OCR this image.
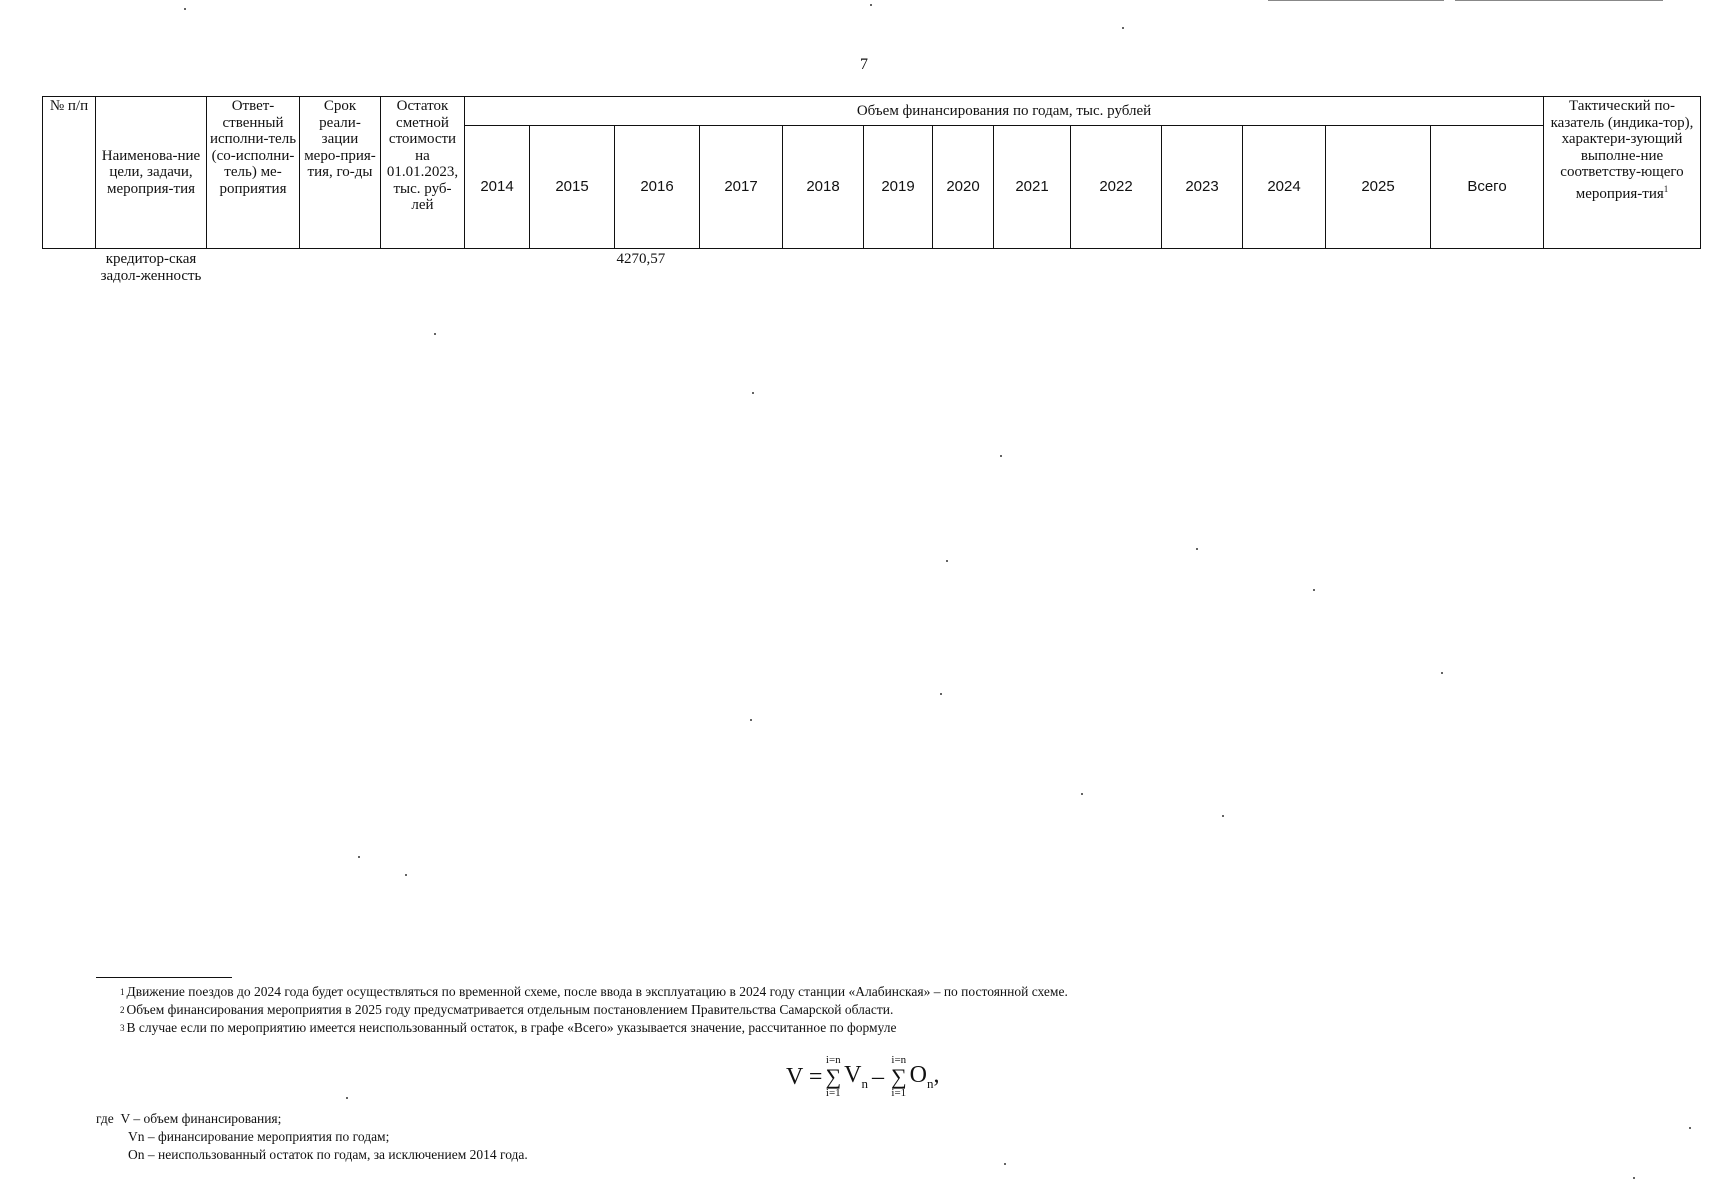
7
№ п/п	Наименова-ние цели, задачи, мероприя-тия	Ответ-ственный исполни-тель (со-исполни-тель) ме-роприятия	Срок реали-зации меро-прия-тия, го-ды	Остаток сметной стоимости на 01.01.2023, тыс. руб-лей	Объем финансирования по годам, тыс. рублей													Тактический по-казатель (индика-тор), характери-зующий выполне-ние соответству-ющего мероприя-тия$^1$
					2014	2015	2016	2017	2018	2019	2020	2021	2022	2023	2024	2025	Всего	
	кредитор-ская задол-женность						4270,57											
$^1$ Движение поездов до 2024 года будет осуществляться по временной схеме, после ввода в эксплуатацию в 2024 году станции «Алабинская» – по постоянной схеме.
$^2$ Объем финансирования мероприятия в 2025 году предусматривается отдельным постановлением Правительства Самарской области.
$^3$ В случае если по мероприятию имеется неиспользованный остаток, в графе «Всего» указывается значение, рассчитанное по формуле
V =
i=n
∑
i=1
$V_n$ –
i=n
∑
i=1
$O_n$,
где V – объем финансирования;
Vn – финансирование мероприятия по годам;
On – неиспользованный остаток по годам, за исключением 2014 года.
